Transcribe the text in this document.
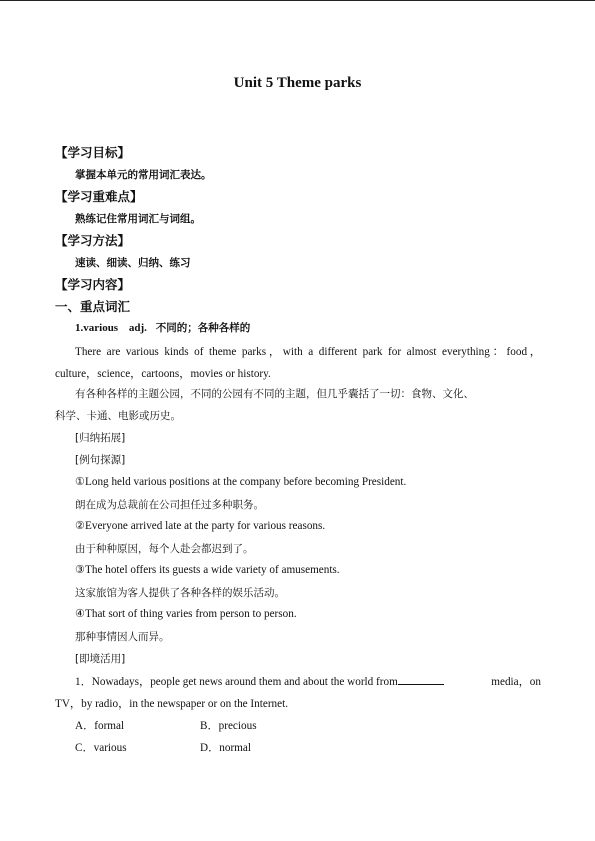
Unit 5 Theme parks
【学习目标】
掌握本单元的常用词汇表达。
【学习重难点】
熟练记住常用词汇与词组。
【学习方法】
速读、细读、归纳、练习
【学习内容】
一、重点词汇
1.various adj. 不同的；各种各样的
There are various kinds of theme parks，with a different park for almost everything：food，
culture，science，cartoons，movies or history.
有各种各样的主题公园，不同的公园有不同的主题，但几乎囊括了一切：食物、文化、
科学、卡通、电影或历史。
[归纳拓展]
[例句探源]
①Long held various positions at the company before becoming President.
朗在成为总裁前在公司担任过多种职务。
②Everyone arrived late at the party for various reasons.
由于种种原因，每个人赴会都迟到了。
③The hotel offers its guests a wide variety of amusements.
这家旅馆为客人提供了各种各样的娱乐活动。
④That sort of thing varies from person to person.
那种事情因人而异。
[即境活用]
1．Nowadays，people get news around them and about the world from	media，on
TV，by radio，in the newspaper or on the Internet.
A．formal	B．precious
C．various	D．normal
